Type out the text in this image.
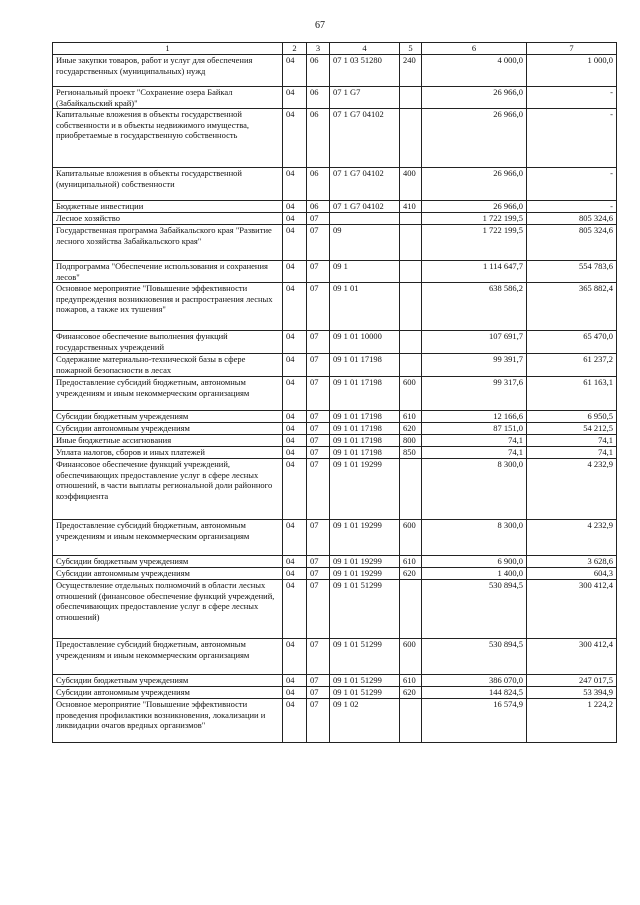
67
1	2	3	4	5	6	7
Иные закупки товаров, работ и услуг для обеспечения государственных (муниципальных) нужд	04	06	07 1 03 51280	240	4 000,0	1 000,0
Региональный проект "Сохранение озера Байкал (Забайкальский край)"	04	06	07 1 G7		26 966,0	-
Капитальные вложения в объекты государственной собственности и в объекты недвижимого имущества, приобретаемые в государственную собственность	04	06	07 1 G7 04102		26 966,0	-
Капитальные вложения в объекты государственной (муниципальной) собственности	04	06	07 1 G7 04102	400	26 966,0	-
Бюджетные инвестиции	04	06	07 1 G7 04102	410	26 966,0	-
Лесное хозяйство	04	07			1 722 199,5	805 324,6
Государственная программа Забайкальского края "Развитие лесного хозяйства Забайкальского края"	04	07	09		1 722 199,5	805 324,6
Подпрограмма "Обеспечение использования и сохранения лесов"	04	07	09 1		1 114 647,7	554 783,6
Основное мероприятие "Повышение эффективности предупреждения возникновения и распространения лесных пожаров, а также их тушения"	04	07	09 1 01		638 586,2	365 882,4
Финансовое обеспечение выполнения функций государственных учреждений	04	07	09 1 01 10000		107 691,7	65 470,0
Содержание материально-технической базы в сфере пожарной безопасности в лесах	04	07	09 1 01 17198		99 391,7	61 237,2
Предоставление субсидий бюджетным, автономным учреждениям и иным некоммерческим организациям	04	07	09 1 01 17198	600	99 317,6	61 163,1
Субсидии бюджетным учреждениям	04	07	09 1 01 17198	610	12 166,6	6 950,5
Субсидии автономным учреждениям	04	07	09 1 01 17198	620	87 151,0	54 212,5
Иные бюджетные ассигнования	04	07	09 1 01 17198	800	74,1	74,1
Уплата налогов, сборов и иных платежей	04	07	09 1 01 17198	850	74,1	74,1
Финансовое обеспечение функций учреждений, обеспечивающих предоставление услуг в сфере лесных отношений, в части выплаты региональной доли районного коэффициента	04	07	09 1 01 19299		8 300,0	4 232,9
Предоставление субсидий бюджетным, автономным учреждениям и иным некоммерческим организациям	04	07	09 1 01 19299	600	8 300,0	4 232,9
Субсидии бюджетным учреждениям	04	07	09 1 01 19299	610	6 900,0	3 628,6
Субсидии автономным учреждениям	04	07	09 1 01 19299	620	1 400,0	604,3
Осуществление отдельных полномочий в области лесных отношений (финансовое обеспечение функций учреждений, обеспечивающих предоставление услуг в сфере лесных отношений)	04	07	09 1 01 51299		530 894,5	300 412,4
Предоставление субсидий бюджетным, автономным учреждениям и иным некоммерческим организациям	04	07	09 1 01 51299	600	530 894,5	300 412,4
Субсидии бюджетным учреждениям	04	07	09 1 01 51299	610	386 070,0	247 017,5
Субсидии автономным учреждениям	04	07	09 1 01 51299	620	144 824,5	53 394,9
Основное мероприятие "Повышение эффективности проведения профилактики возникновения, локализации и ликвидации очагов вредных организмов"	04	07	09 1 02		16 574,9	1 224,2
